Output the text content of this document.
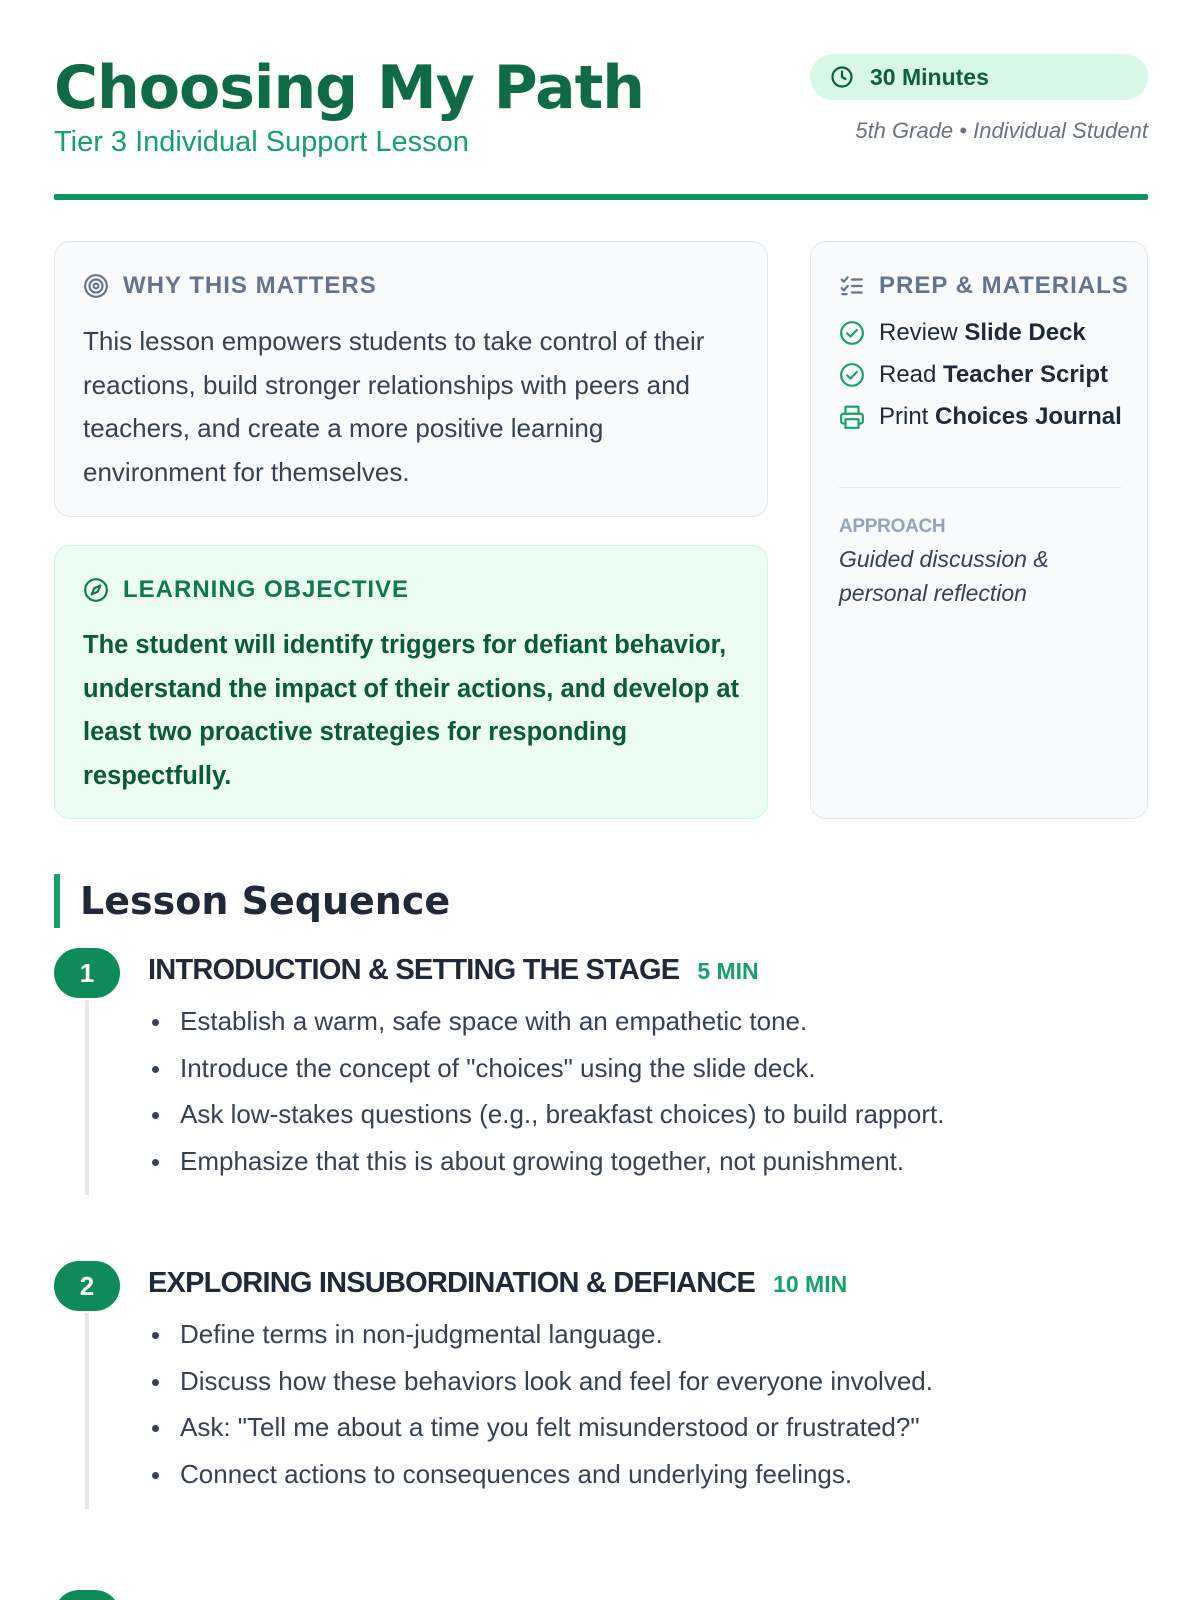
Choosing My Path
Tier 3 Individual Support Lesson
30 Minutes
5th Grade • Individual Student
WHY THIS MATTERS

This lesson empowers students to take control of their reactions, build stronger relationships with peers and teachers, and create a more positive learning environment for themselves.

LEARNING OBJECTIVE

The student will identify triggers for defiant behavior, understand the impact of their actions, and develop at least two proactive strategies for responding respectfully.

PREP & MATERIALS
Review Slide Deck
Read Teacher Script
Print Choices Journal
APPROACH
Guided discussion & personal reflection
Lesson Sequence
1	INTRODUCTION & SETTING THE STAGE 5 MIN
Establish a warm, safe space with an empathetic tone.
Introduce the concept of "choices" using the slide deck.
Ask low-stakes questions (e.g., breakfast choices) to build rapport.
Emphasize that this is about growing together, not punishment.
2	EXPLORING INSUBORDINATION & DEFIANCE 10 MIN
Define terms in non-judgmental language.
Discuss how these behaviors look and feel for everyone involved.
Ask: "Tell me about a time you felt misunderstood or frustrated?"
Connect actions to consequences and underlying feelings.
